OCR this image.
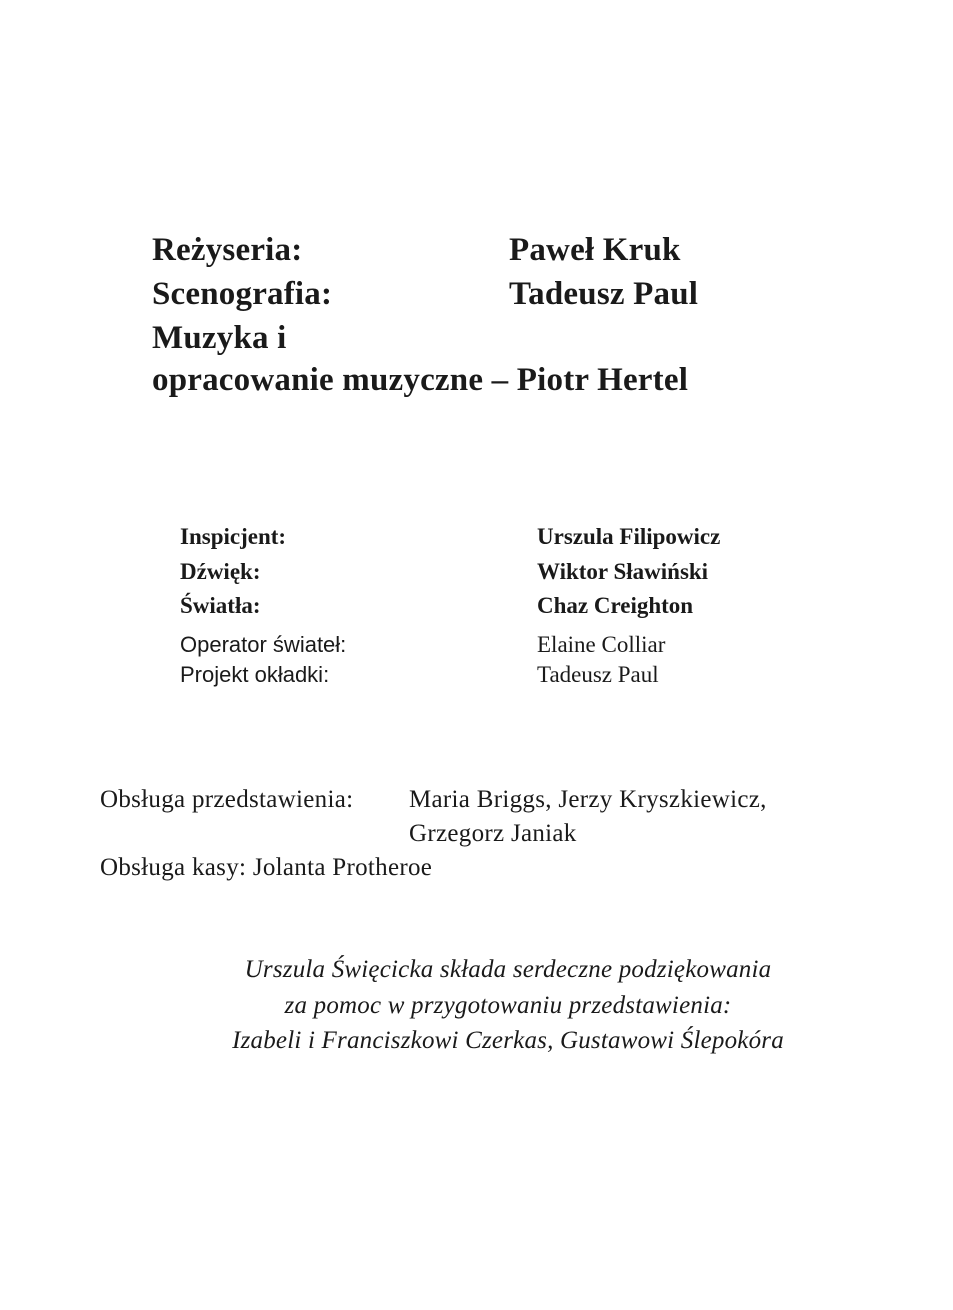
Reżyseria:	Paweł Kruk
Scenografia:	Tadeusz Paul
Muzyka i
opracowanie muzyczne – Piotr Hertel
Inspicjent:	Urszula Filipowicz
Dźwięk:	Wiktor Sławiński
Światła:	Chaz Creighton
Operator świateł:	Elaine Colliar
Projekt okładki:	Tadeusz Paul
Obsługa przedstawienia: Maria Briggs, Jerzy Kryszkiewicz,
Grzegorz Janiak
Obsługa kasy: Jolanta Protheroe
Urszula Święcicka składa serdeczne podziękowania
za pomoc w przygotowaniu przedstawienia:
Izabeli i Franciszkowi Czerkas, Gustawowi Ślepokóra
